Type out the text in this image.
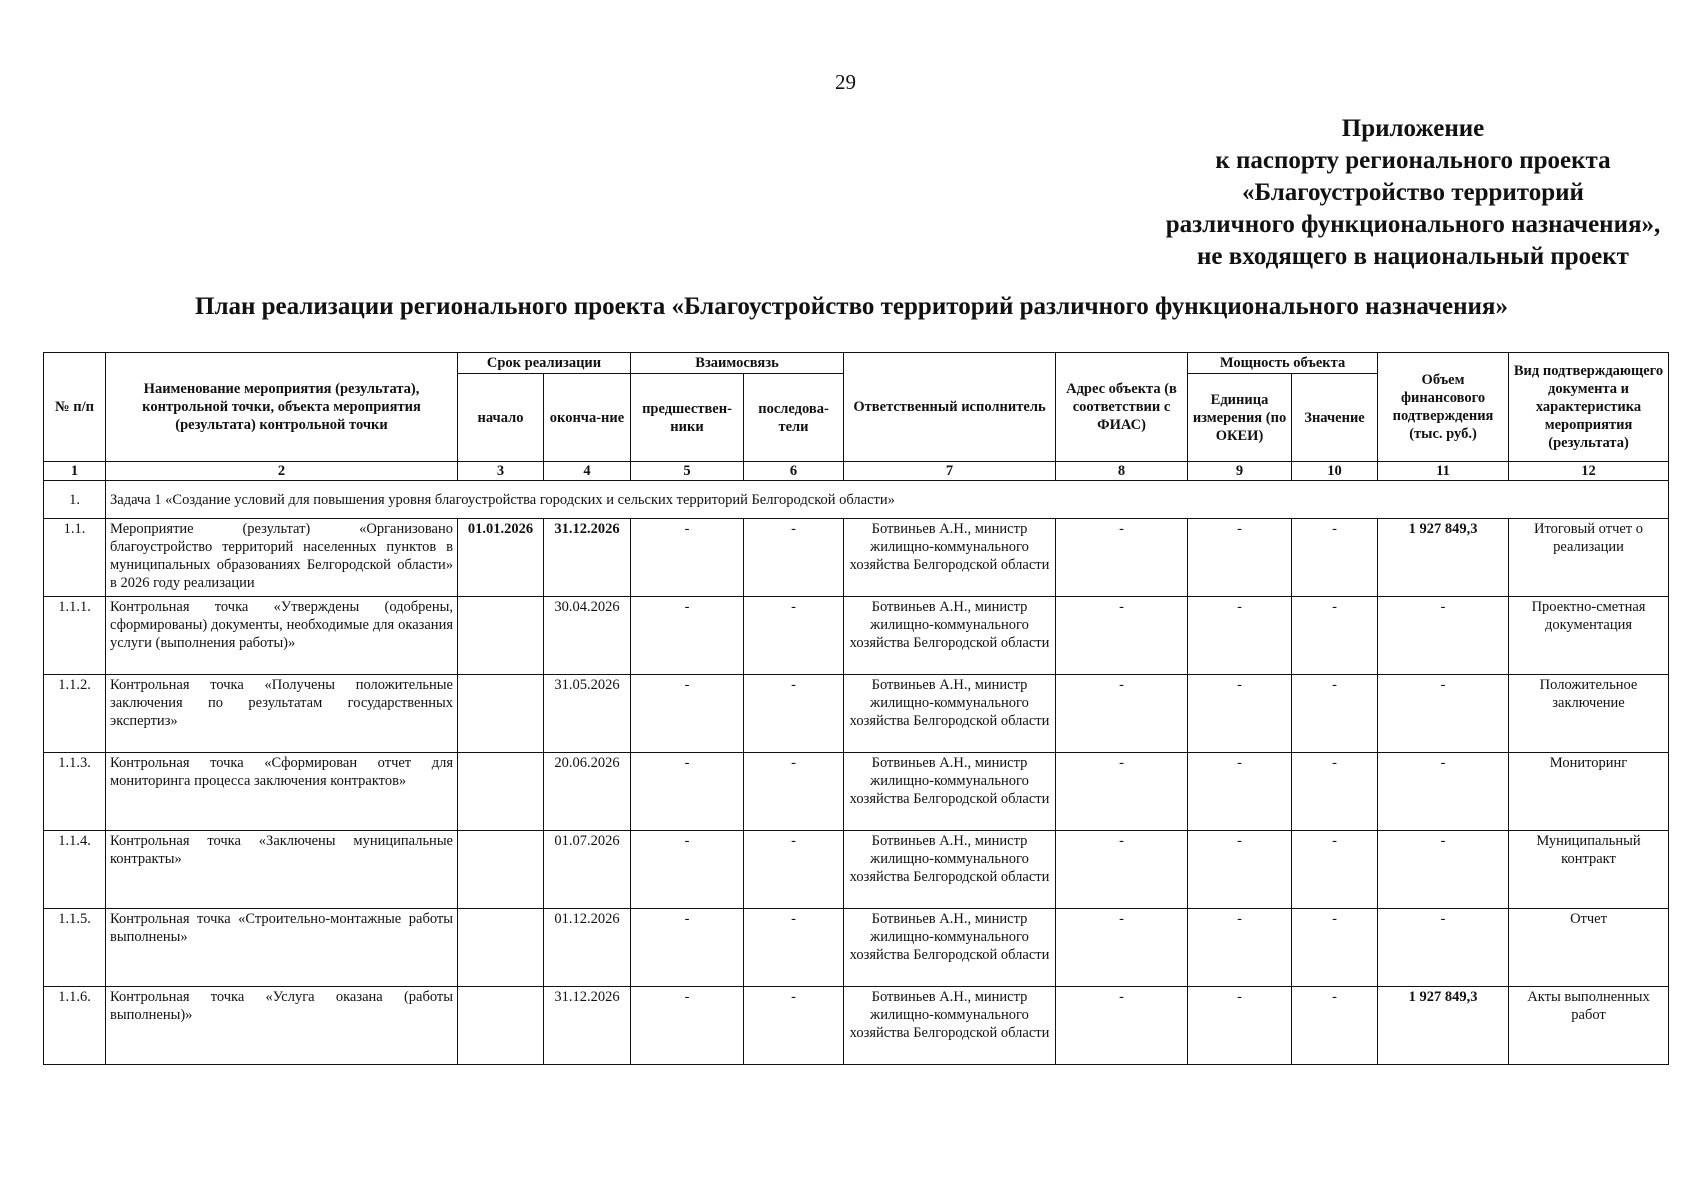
29
Приложение
к паспорту регионального проекта
«Благоустройство территорий
различного функционального назначения»,
не входящего в национальный проект
План реализации регионального проекта «Благоустройство территорий различного функционального назначения»
№ п/п	Наименование мероприятия (результата), контрольной точки, объекта мероприятия (результата) контрольной точки	Срок реализации		Взаимосвязь		Ответственный исполнитель	Адрес объекта (в соответствии с ФИАС)	Мощность объекта		Объем финансового подтверждения (тыс. руб.)	Вид подтверждающего документа и характеристика мероприятия (результата)
		начало	оконча-ние	предшествен-ники	последова-тели			Единица измерения (по ОКЕИ)	Значение		
1	2	3	4	5	6	7	8	9	10	11	12
1.	Задача 1 «Создание условий для повышения уровня благоустройства городских и сельских территорий Белгородской области»										
1.1.	Мероприятие (результат) «Организовано благоустройство территорий населенных пунктов в муниципальных образованиях Белгородской области» в 2026 году реализации	01.01.2026	31.12.2026	-	-	Ботвиньев А.Н., министр жилищно-коммунального хозяйства Белгородской области	-	-	-	1 927 849,3	Итоговый отчет о реализации
1.1.1.	Контрольная точка «Утверждены (одобрены, сформированы) документы, необходимые для оказания услуги (выполнения работы)»		30.04.2026	-	-	Ботвиньев А.Н., министр жилищно-коммунального хозяйства Белгородской области	-	-	-	-	Проектно-сметная документация
1.1.2.	Контрольная точка «Получены положительные заключения по результатам государственных экспертиз»		31.05.2026	-	-	Ботвиньев А.Н., министр жилищно-коммунального хозяйства Белгородской области	-	-	-	-	Положительное заключение
1.1.3.	Контрольная точка «Сформирован отчет для мониторинга процесса заключения контрактов»		20.06.2026	-	-	Ботвиньев А.Н., министр жилищно-коммунального хозяйства Белгородской области	-	-	-	-	Мониторинг
1.1.4.	Контрольная точка «Заключены муниципальные контракты»		01.07.2026	-	-	Ботвиньев А.Н., министр жилищно-коммунального хозяйства Белгородской области	-	-	-	-	Муниципальный контракт
1.1.5.	Контрольная точка «Строительно-монтажные работы выполнены»		01.12.2026	-	-	Ботвиньев А.Н., министр жилищно-коммунального хозяйства Белгородской области	-	-	-	-	Отчет
1.1.6.	Контрольная точка «Услуга оказана (работы выполнены)»		31.12.2026	-	-	Ботвиньев А.Н., министр жилищно-коммунального хозяйства Белгородской области	-	-	-	1 927 849,3	Акты выполненных работ
